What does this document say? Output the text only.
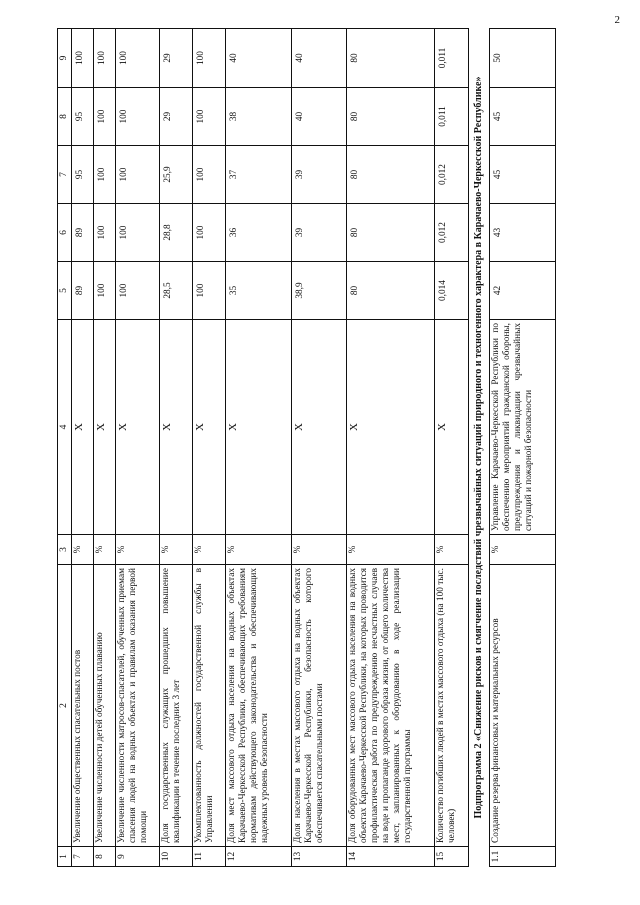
2
1	2	3	4	5	6	7	8	9
7	Увеличение общественных спасательных постов	%	X	89	89	95	95	100
8	Увеличение численности детей обученных плаванию	%	X	100	100	100	100	100
9	Увеличение численности матросов-спасателей, обученных приемам спасения людей на водных объектах и правилам оказания первой помощи	%	X	100	100	100	100	100
10	Доля государственных служащих прошедших повышение квалификации в течение последних 3 лет	%	X	28,5	28,8	25,9	29	29
11	Укомплектованность должностей государственной службы в Управлении	%	X	100	100	100	100	100
12	Доля мест массового отдыха населения на водных объектах Карачаево-Черкесской Республики, обеспечивающих требованиям нормативам действующего законодательства и обеспечивающих надежных уровень безопасности	%	X	35	36	37	38	40
13	Доля населения в местах массового отдыха на водных объектах Карачаево-Черкесской Республики, безопасность которого обеспечивается спасательными постами	%	X	38,9	39	39	40	40
14	Доля оборудованных мест массового отдыха населения на водных объектах Карачаево-Черкесской Республики, на которых проводится профилактическая работа по предупреждению несчастных случаев на воде и пропаганде здорового образа жизни, от общего количества мест, запланированных к оборудованию в ходе реализации государственной программы	%	X	80	80	80	80	80
15	Количество погибших людей в местах массового отдыха (на 100 тыс. человек)	%	X	0,014	0,012	0,012	0,011	0,011
Подпрограмма 2 «Снижение рисков и смягчение последствий чрезвычайных ситуаций природного и техногенного характера в Карачаево-Черкесской Республике»								
1.1	Создание резерва финансовых и материальных ресурсов	%	Управление Карачаево-Черкесской Республики по обеспечению мероприятий гражданской обороны, предупреждения и ликвидации чрезвычайных ситуаций и пожарной безопасности	42	43	45	45	50
